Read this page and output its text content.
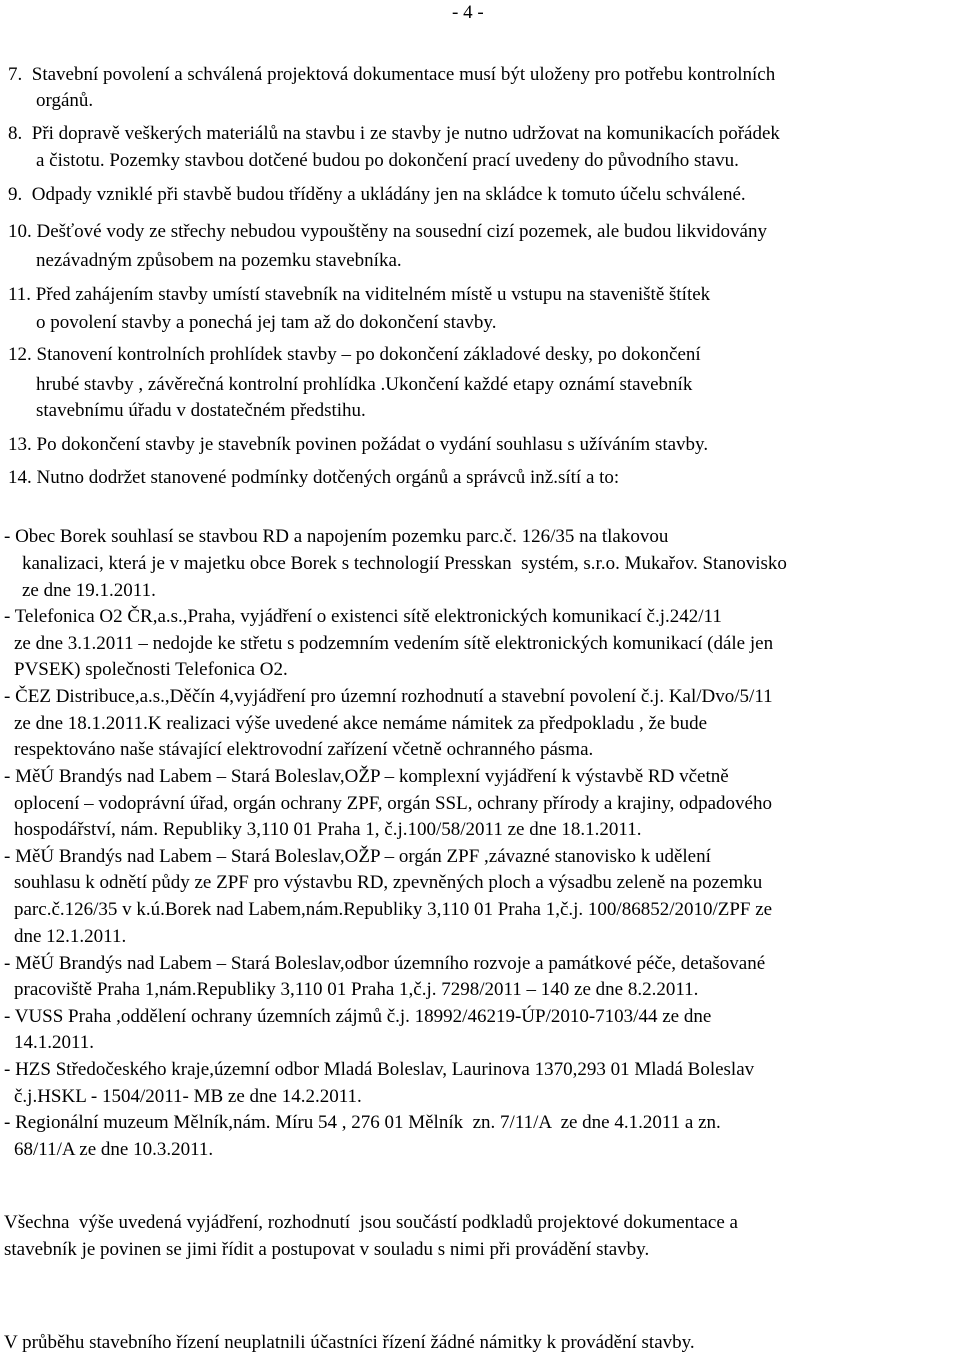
- 4 -
7.  Stavební povolení a schválená projektová dokumentace musí být uloženy pro potřebu kontrolních
orgánů.
8.  Při dopravě veškerých materiálů na stavbu i ze stavby je nutno udržovat na komunikacích pořádek
a čistotu. Pozemky stavbou dotčené budou po dokončení prací uvedeny do původního stavu.
9.  Odpady vzniklé při stavbě budou tříděny a ukládány jen na skládce k tomuto účelu schválené.
10. Dešťové vody ze střechy nebudou vypouštěny na sousední cizí pozemek, ale budou likvidovány
nezávadným způsobem na pozemku stavebníka.
11. Před zahájením stavby umístí stavebník na viditelném místě u vstupu na staveniště štítek
o povolení stavby a ponechá jej tam až do dokončení stavby.
12. Stanovení kontrolních prohlídek stavby – po dokončení základové desky, po dokončení
hrubé stavby , závěrečná kontrolní prohlídka .Ukončení každé etapy oznámí stavebník
stavebnímu úřadu v dostatečném předstihu.
13. Po dokončení stavby je stavebník povinen požádat o vydání souhlasu s užíváním stavby.
14. Nutno dodržet stanovené podmínky dotčených orgánů a správců inž.sítí a to:
- Obec Borek souhlasí se stavbou RD a napojením pozemku parc.č. 126/35 na tlakovou
kanalizaci, která je v majetku obce Borek s technologií Presskan  systém, s.r.o. Mukařov. Stanovisko
ze dne 19.1.2011.
- Telefonica O2 ČR,a.s.,Praha, vyjádření o existenci sítě elektronických komunikací č.j.242/11
ze dne 3.1.2011 – nedojde ke střetu s podzemním vedením sítě elektronických komunikací (dále jen
PVSEK) společnosti Telefonica O2.
- ČEZ Distribuce,a.s.,Děčín 4,vyjádření pro územní rozhodnutí a stavební povolení č.j. Kal/Dvo/5/11
ze dne 18.1.2011.K realizaci výše uvedené akce nemáme námitek za předpokladu , že bude
respektováno naše stávající elektrovodní zařízení včetně ochranného pásma.
- MěÚ Brandýs nad Labem – Stará Boleslav,OŽP – komplexní vyjádření k výstavbě RD včetně
oplocení – vodoprávní úřad, orgán ochrany ZPF, orgán SSL, ochrany přírody a krajiny, odpadového
hospodářství, nám. Republiky 3,110 01 Praha 1, č.j.100/58/2011 ze dne 18.1.2011.
- MěÚ Brandýs nad Labem – Stará Boleslav,OŽP – orgán ZPF ,závazné stanovisko k udělení
souhlasu k odnětí půdy ze ZPF pro výstavbu RD, zpevněných ploch a výsadbu zeleně na pozemku
parc.č.126/35 v k.ú.Borek nad Labem,nám.Republiky 3,110 01 Praha 1,č.j. 100/86852/2010/ZPF ze
dne 12.1.2011.
- MěÚ Brandýs nad Labem – Stará Boleslav,odbor územního rozvoje a památkové péče, detašované
pracoviště Praha 1,nám.Republiky 3,110 01 Praha 1,č.j. 7298/2011 – 140 ze dne 8.2.2011.
- VUSS Praha ,oddělení ochrany územních zájmů č.j. 18992/46219-ÚP/2010-7103/44 ze dne
14.1.2011.
- HZS Středočeského kraje,územní odbor Mladá Boleslav, Laurinova 1370,293 01 Mladá Boleslav
č.j.HSKL - 1504/2011- MB ze dne 14.2.2011.
- Regionální muzeum Mělník,nám. Míru 54 , 276 01 Mělník  zn. 7/11/A  ze dne 4.1.2011 a zn.
68/11/A ze dne 10.3.2011.
Všechna  výše uvedená vyjádření, rozhodnutí  jsou součástí podkladů projektové dokumentace a
stavebník je povinen se jimi řídit a postupovat v souladu s nimi při provádění stavby.
V průběhu stavebního řízení neuplatnili účastníci řízení žádné námitky k provádění stavby.
